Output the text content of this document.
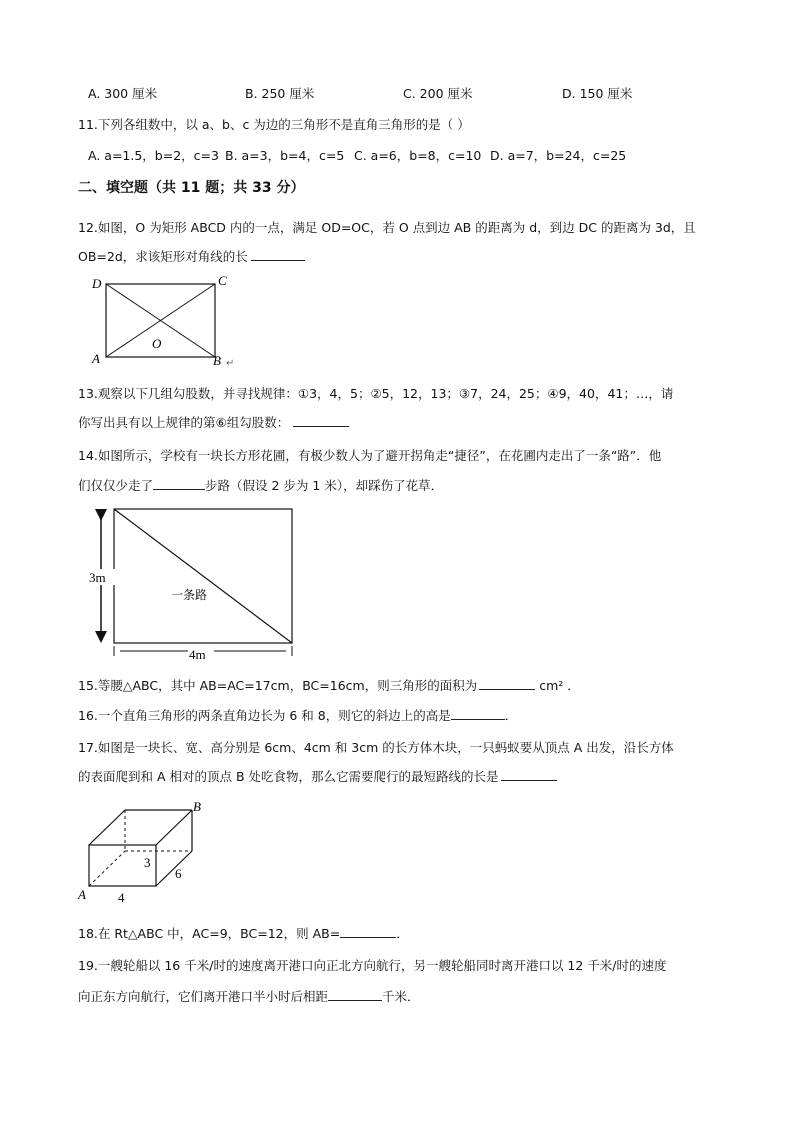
A. 300 厘米	B. 250 厘米	C. 200 厘米	D. 150 厘米
11.下列各组数中，以 a、b、c 为边的三角形不是直角三角形的是（ ）
A. a=1.5，b=2，c=3 B. a=3，b=4，c=5 C. a=6，b=8，c=10 D. a=7，b=24，c=25
二、填空题（共 11 题；共 33 分）
12.如图，O 为矩形 ABCD 内的一点，满足 OD=OC，若 O 点到边 AB 的距离为 d，到边 DC 的距离为 3d，且
OB=2d，求该矩形对角线的长
D	C
A	B
O
↵
13.观察以下几组勾股数，并寻找规律：①3，4，5；②5，12，13；③7，24，25；④9，40，41；…，请
你写出具有以上规律的第⑥组勾股数：
14.如图所示，学校有一块长方形花圃，有极少数人为了避开拐角走“捷径”，在花圃内走出了一条“路”．他
们仅仅少走了	步路（假设 2 步为 1 米），却踩伤了花草．
3m
4m
一条路
15.等腰△ABC，其中 AB=AC=17cm，BC=16cm，则三角形的面积为	cm² ．
16.一个直角三角形的两条直角边长为 6 和 8，则它的斜边上的高是	．
17.如图是一块长、宽、高分别是 6cm、4cm 和 3cm 的长方体木块，一只蚂蚁要从顶点 A 出发，沿长方体
的表面爬到和 A 相对的顶点 B 处吃食物，那么它需要爬行的最短路线的长是
A
B
3
6
4
18.在 Rt△ABC 中，AC=9，BC=12，则 AB=	．
19.一艘轮船以 16 千米/时的速度离开港口向正北方向航行，另一艘轮船同时离开港口以 12 千米/时的速度
向正东方向航行，它们离开港口半小时后相距	千米．
